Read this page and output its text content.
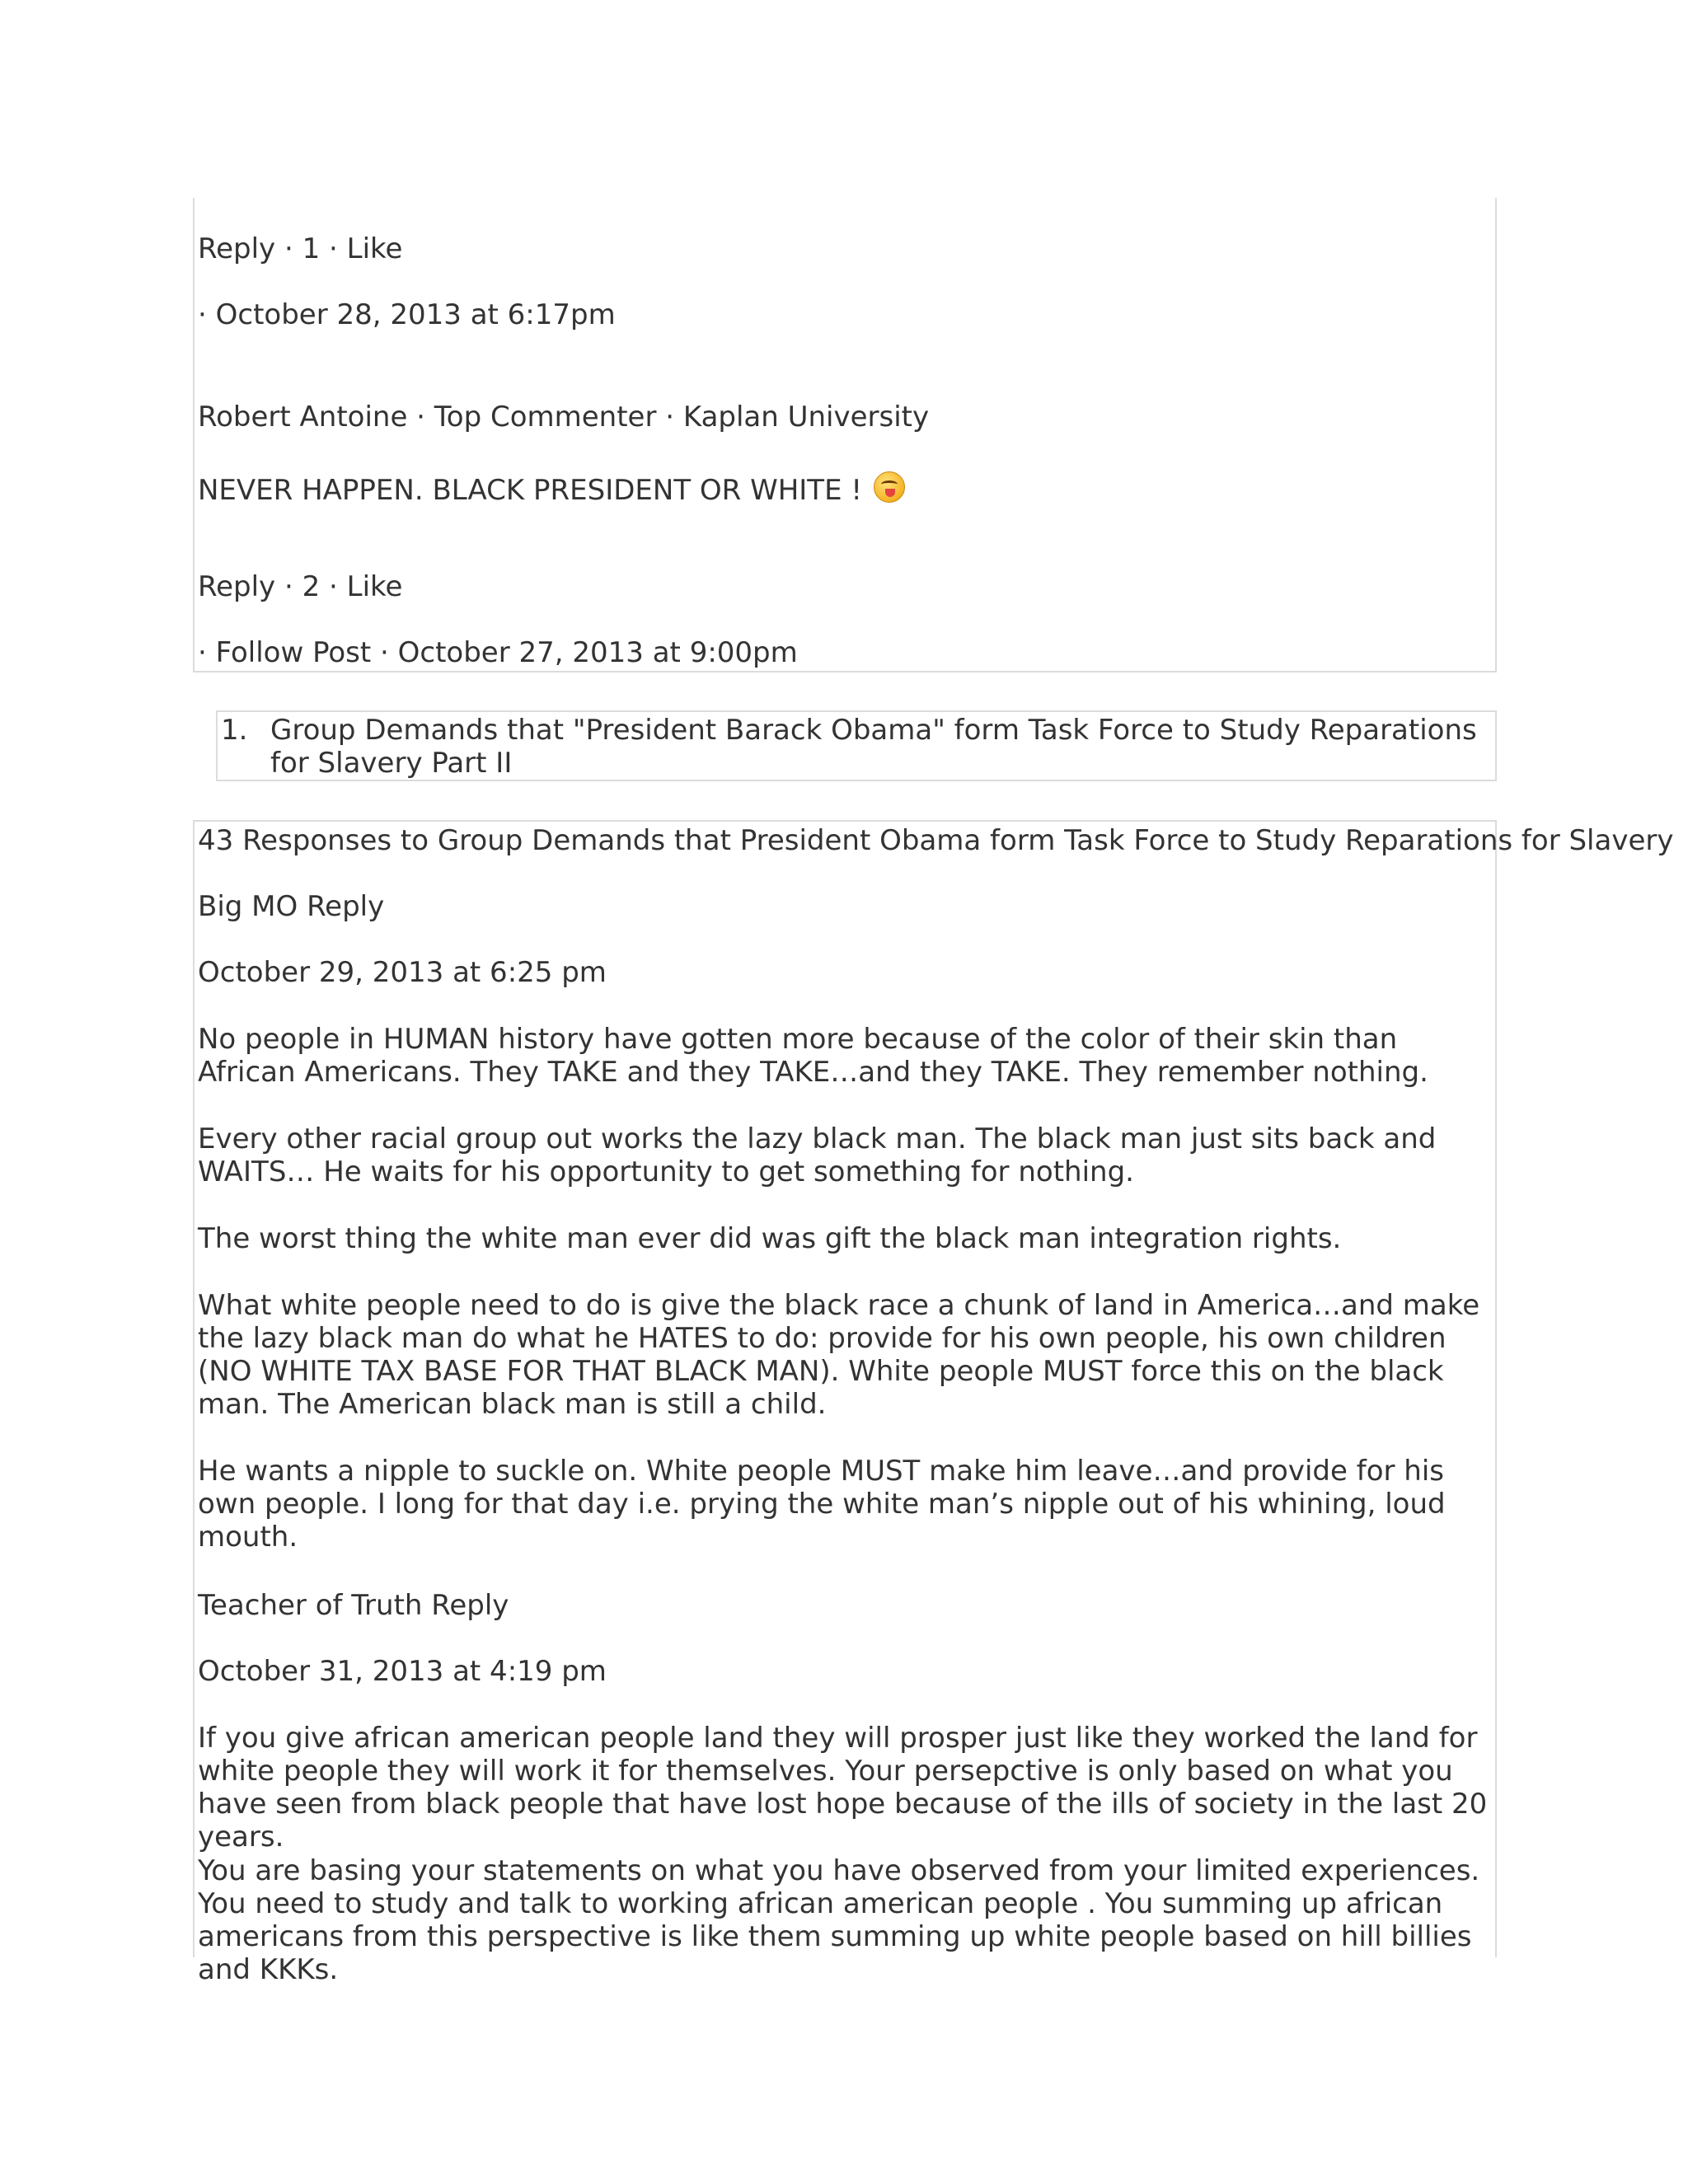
Reply · 1 · Like
· October 28, 2013 at 6:17pm
Robert Antoine · Top Commenter · Kaplan University
NEVER HAPPEN. BLACK PRESIDENT OR WHITE !
Reply · 2 · Like
· Follow Post · October 27, 2013 at 9:00pm
1. Group Demands that "President Barack Obama" form Task Force to Study Reparations for Slavery Part II
43 Responses to Group Demands that President Obama form Task Force to Study Reparations for Slavery
Big MO Reply
October 29, 2013 at 6:25 pm
No people in HUMAN history have gotten more because of the color of their skin than African Americans. They TAKE and they TAKE…and they TAKE. They remember nothing.
Every other racial group out works the lazy black man. The black man just sits back and WAITS… He waits for his opportunity to get something for nothing.
The worst thing the white man ever did was gift the black man integration rights.
What white people need to do is give the black race a chunk of land in America…and make the lazy black man do what he HATES to do: provide for his own people, his own children (NO WHITE TAX BASE FOR THAT BLACK MAN). White people MUST force this on the black man. The American black man is still a child.
He wants a nipple to suckle on. White people MUST make him leave…and provide for his own people. I long for that day i.e. prying the white man’s nipple out of his whining, loud mouth.
Teacher of Truth Reply
October 31, 2013 at 4:19 pm
If you give african american people land they will prosper just like they worked the land for white people they will work it for themselves. Your persepctive is only based on what you have seen from black people that have lost hope because of the ills of society in the last 20 years.
You are basing your statements on what you have observed from your limited experiences. You need to study and talk to working african american people . You summing up african americans from this perspective is like them summing up white people based on hill billies and KKKs.
